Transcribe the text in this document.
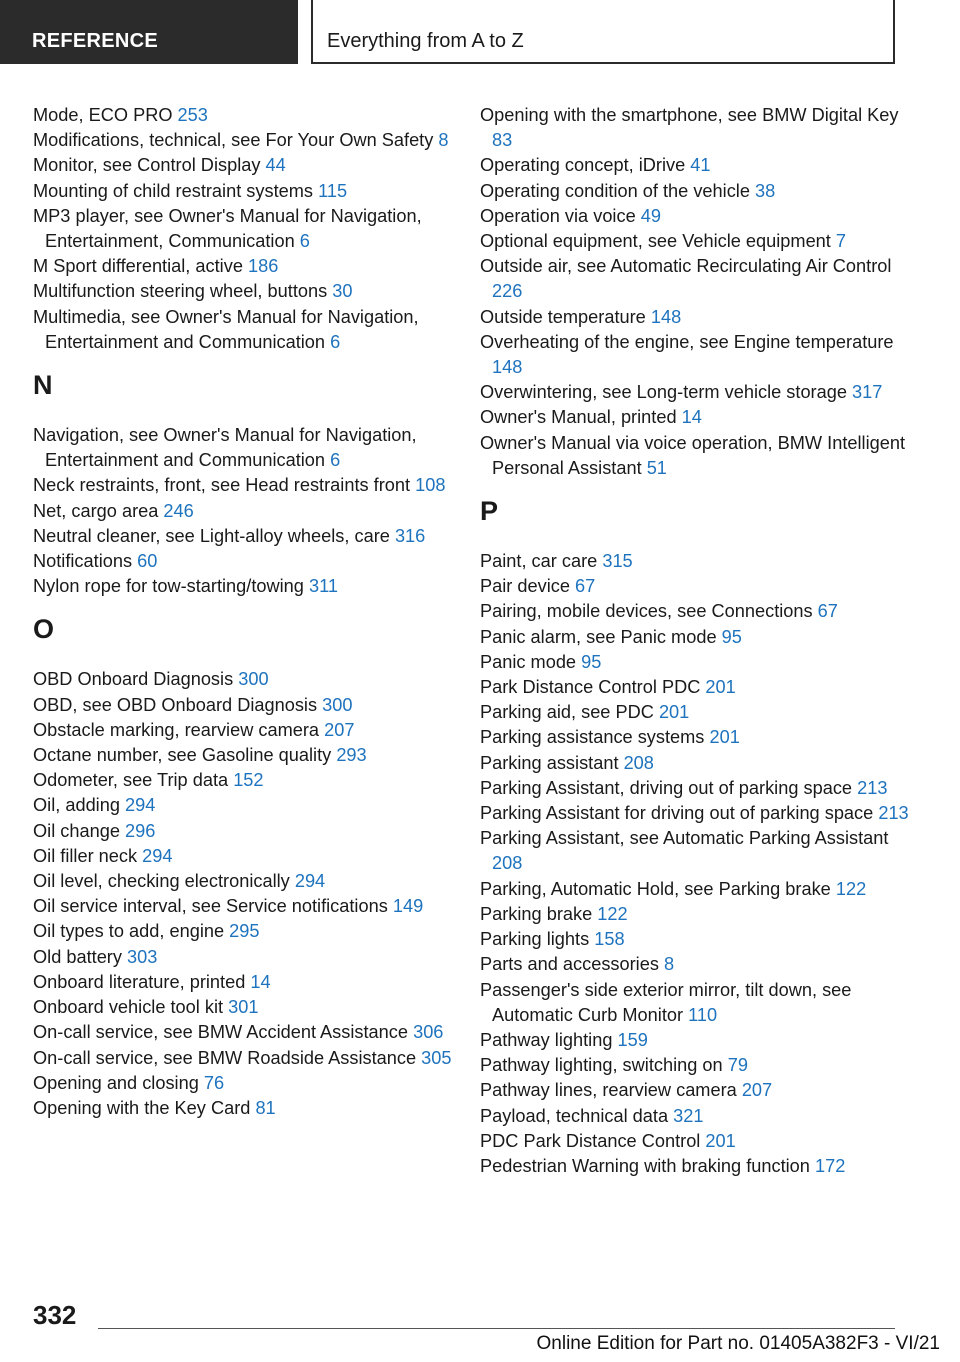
REFERENCE	Everything from A to Z
Mode, ECO PRO 253
Modifications, technical, see For Your Own Safety 8
Monitor, see Control Display 44
Mounting of child restraint systems 115
MP3 player, see Owner's Manual for Navigation, Entertainment, Communication 6
M Sport differential, active 186
Multifunction steering wheel, buttons 30
Multimedia, see Owner's Manual for Navigation, Entertainment and Communication 6
N
Navigation, see Owner's Manual for Navigation, Entertainment and Communication 6
Neck restraints, front, see Head restraints front 108
Net, cargo area 246
Neutral cleaner, see Light-alloy wheels, care 316
Notifications 60
Nylon rope for tow-starting/towing 311
O
OBD Onboard Diagnosis 300
OBD, see OBD Onboard Diagnosis 300
Obstacle marking, rearview camera 207
Octane number, see Gasoline quality 293
Odometer, see Trip data 152
Oil, adding 294
Oil change 296
Oil filler neck 294
Oil level, checking electronically 294
Oil service interval, see Service notifications 149
Oil types to add, engine 295
Old battery 303
Onboard literature, printed 14
Onboard vehicle tool kit 301
On-call service, see BMW Accident Assistance 306
On-call service, see BMW Roadside Assistance 305
Opening and closing 76
Opening with the Key Card 81
Opening with the smartphone, see BMW Digital Key 83
Operating concept, iDrive 41
Operating condition of the vehicle 38
Operation via voice 49
Optional equipment, see Vehicle equipment 7
Outside air, see Automatic Recirculating Air Control 226
Outside temperature 148
Overheating of the engine, see Engine temperature 148
Overwintering, see Long-term vehicle storage 317
Owner's Manual, printed 14
Owner's Manual via voice operation, BMW Intelligent Personal Assistant 51
P
Paint, car care 315
Pair device 67
Pairing, mobile devices, see Connections 67
Panic alarm, see Panic mode 95
Panic mode 95
Park Distance Control PDC 201
Parking aid, see PDC 201
Parking assistance systems 201
Parking assistant 208
Parking Assistant, driving out of parking space 213
Parking Assistant for driving out of parking space 213
Parking Assistant, see Automatic Parking Assistant 208
Parking, Automatic Hold, see Parking brake 122
Parking brake 122
Parking lights 158
Parts and accessories 8
Passenger's side exterior mirror, tilt down, see Automatic Curb Monitor 110
Pathway lighting 159
Pathway lighting, switching on 79
Pathway lines, rearview camera 207
Payload, technical data 321
PDC Park Distance Control 201
Pedestrian Warning with braking function 172
332
Online Edition for Part no. 01405A382F3 - VI/21
